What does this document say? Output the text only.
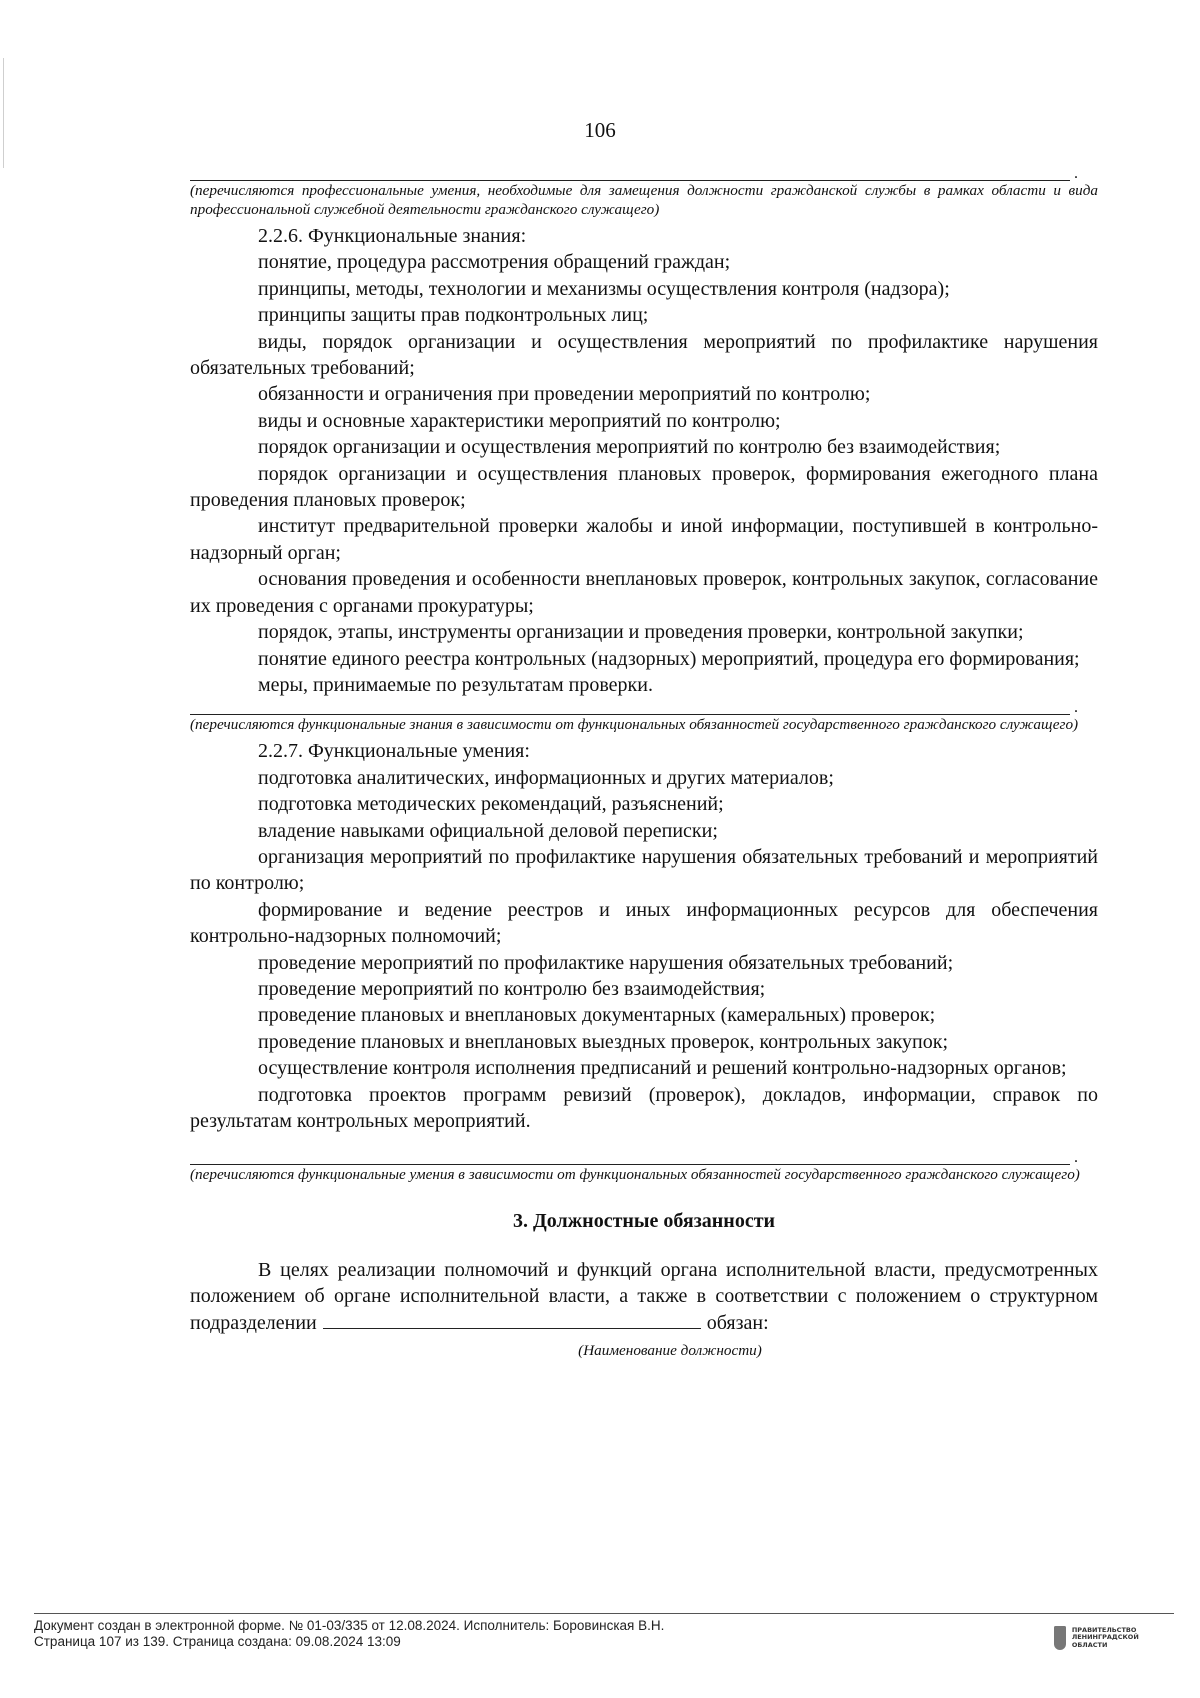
106
.

(перечисляются профессиональные умения, необходимые для замещения должности гражданской службы в рамках области и вида профессиональной служебной деятельности гражданского служащего)

2.2.6. Функциональные знания:

понятие, процедура рассмотрения обращений граждан;

принципы, методы, технологии и механизмы осуществления контроля (надзора);

принципы защиты прав подконтрольных лиц;

виды, порядок организации и осуществления мероприятий по профилактике нарушения обязательных требований;

обязанности и ограничения при проведении мероприятий по контролю;

виды и основные характеристики мероприятий по контролю;

порядок организации и осуществления мероприятий по контролю без взаимодействия;

порядок организации и осуществления плановых проверок, формирования ежегодного плана проведения плановых проверок;

институт предварительной проверки жалобы и иной информации, поступившей в контрольно-надзорный орган;

основания проведения и особенности внеплановых проверок, контрольных закупок, согласование их проведения с органами прокуратуры;

порядок, этапы, инструменты организации и проведения проверки, контрольной закупки;

понятие единого реестра контрольных (надзорных) мероприятий, процедура его формирования;

меры, принимаемые по результатам проверки.

.

(перечисляются функциональные знания в зависимости от функциональных обязанностей государственного гражданского служащего)

2.2.7. Функциональные умения:

подготовка аналитических, информационных и других материалов;

подготовка методических рекомендаций, разъяснений;

владение навыками официальной деловой переписки;

организация мероприятий по профилактике нарушения обязательных требований и мероприятий по контролю;

формирование и ведение реестров и иных информационных ресурсов для обеспечения контрольно-надзорных полномочий;

проведение мероприятий по профилактике нарушения обязательных требований;

проведение мероприятий по контролю без взаимодействия;

проведение плановых и внеплановых документарных (камеральных) проверок;

проведение плановых и внеплановых выездных проверок, контрольных закупок;

осуществление контроля исполнения предписаний и решений контрольно-надзорных органов;

подготовка проектов программ ревизий (проверок), докладов, информации, справок по результатам контрольных мероприятий.

.

(перечисляются функциональные умения в зависимости от функциональных обязанностей государственного гражданского служащего)

3. Должностные обязанности

В целях реализации полномочий и функций органа исполнительной власти, предусмотренных положением об органе исполнительной власти, а также в соответствии с положением о структурном подразделении	обязан:

(Наименование должности)
Документ создан в электронной форме. № 01-03/335 от 12.08.2024. Исполнитель: Боровинская В.Н.
Страница 107 из 139. Страница создана: 09.08.2024 13:09
ПРАВИТЕЛЬСТВО ЛЕНИНГРАДСКОЙ ОБЛАСТИ
